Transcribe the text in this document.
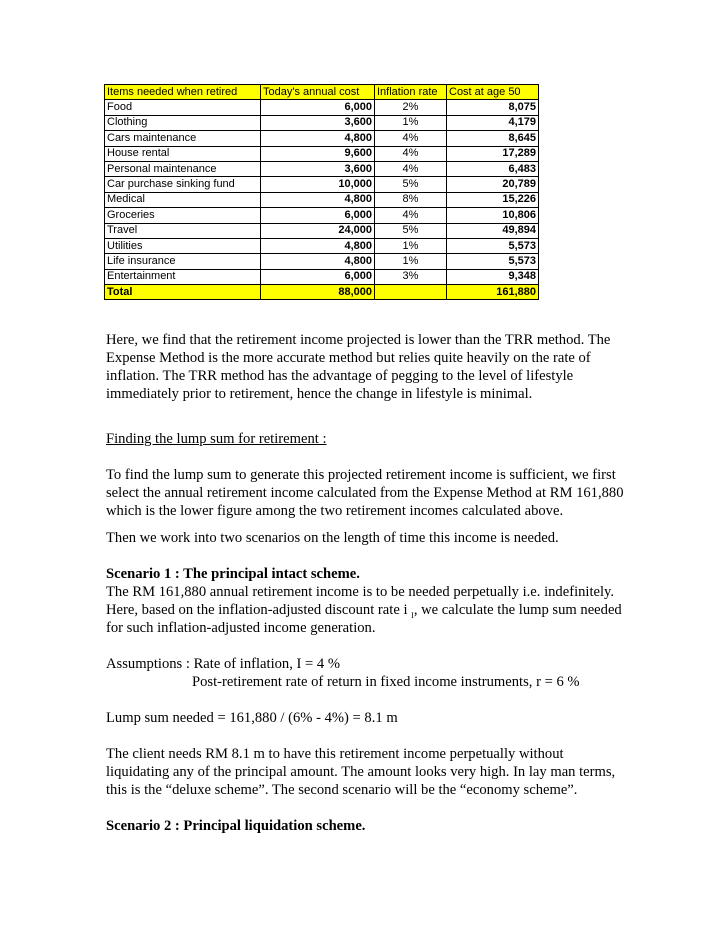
Items needed when retired	Today's annual cost	Inflation rate	Cost at age 50
Food	6,000	2%	8,075
Clothing	3,600	1%	4,179
Cars maintenance	4,800	4%	8,645
House rental	9,600	4%	17,289
Personal maintenance	3,600	4%	6,483
Car purchase sinking fund	10,000	5%	20,789
Medical	4,800	8%	15,226
Groceries	6,000	4%	10,806
Travel	24,000	5%	49,894
Utilities	4,800	1%	5,573
Life insurance	4,800	1%	5,573
Entertainment	6,000	3%	9,348
Total	88,000		161,880

Here, we find that the retirement income projected is lower than the TRR method. The Expense Method is the more accurate method but relies quite heavily on the rate of inflation. The TRR method has the advantage of pegging to the level of lifestyle immediately prior to retirement, hence the change in lifestyle is minimal.

Finding the lump sum for retirement :

To find the lump sum to generate this projected retirement income is sufficient, we first select the annual retirement income calculated from the Expense Method at RM 161,880 which is the lower figure among the two retirement incomes calculated above.

Then we work into two scenarios on the length of time this income is needed.

Scenario 1 : The principal intact scheme.

The RM 161,880 annual retirement income is to be needed perpetually i.e. indefinitely.

Here, based on the inflation-adjusted discount rate i $_I$, we calculate the lump sum needed

for such inflation-adjusted income generation.

Assumptions : Rate of inflation, I = 4 %

Post-retirement rate of return in fixed income instruments, r = 6 %

Lump sum needed = 161,880 / (6% - 4%) = 8.1 m

The client needs RM 8.1 m to have this retirement income perpetually without liquidating any of the principal amount. The amount looks very high. In lay man terms, this is the “deluxe scheme”. The second scenario will be the “economy scheme”.

Scenario 2 : Principal liquidation scheme.
